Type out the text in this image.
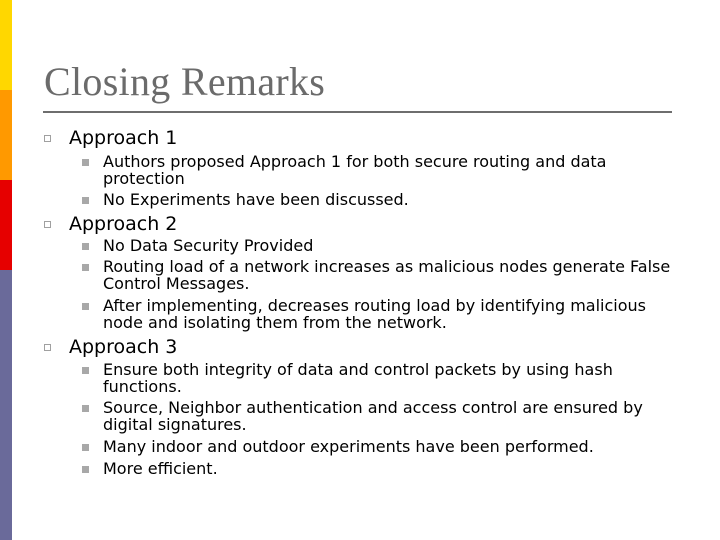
Closing Remarks
Approach 1
Authors proposed Approach 1 for both secure routing and data protection
No Experiments have been discussed.
Approach 2
No Data Security Provided
Routing load of a network increases as malicious nodes generate False Control Messages.
After implementing, decreases routing load by identifying malicious node and isolating them from the network.
Approach 3
Ensure both integrity of data and control packets by using hash functions.
Source, Neighbor authentication and access control are ensured by digital signatures.
Many indoor and outdoor experiments have been performed.
More efficient.
